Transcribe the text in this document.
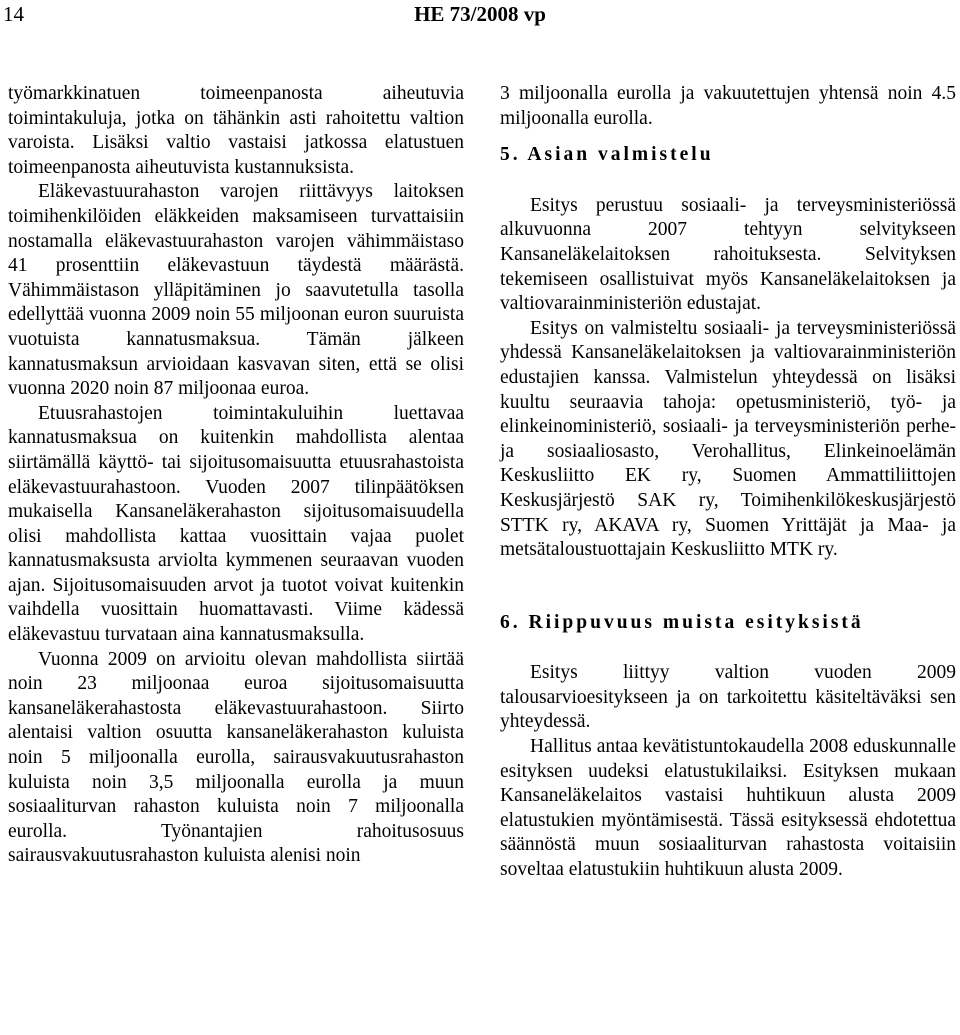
14	HE 73/2008 vp

työmarkkinatuen toimeenpanosta aiheutuvia toimintakuluja, jotka on tähänkin asti rahoitettu valtion varoista. Lisäksi valtio vastaisi jatkossa elatustuen toimeenpanosta aiheutuvista kustannuksista.

Eläkevastuurahaston varojen riittävyys laitoksen toimihenkilöiden eläkkeiden maksamiseen turvattaisiin nostamalla eläkevastuurahaston varojen vähimmäistaso 41 prosenttiin eläkevastuun täydestä määrästä. Vähimmäistason ylläpitäminen jo saavutetulla tasolla edellyttää vuonna 2009 noin 55 miljoonan euron suuruista vuotuista kannatusmaksua. Tämän jälkeen kannatusmaksun arvioidaan kasvavan siten, että se olisi vuonna 2020 noin 87 miljoonaa euroa.

Etuusrahastojen toimintakuluihin luettavaa kannatusmaksua on kuitenkin mahdollista alentaa siirtämällä käyttö- tai sijoitusomaisuutta etuusrahastoista eläkevastuurahastoon. Vuoden 2007 tilinpäätöksen mukaisella Kansaneläkerahaston sijoitusomaisuudella olisi mahdollista kattaa vuosittain vajaa puolet kannatusmaksusta arviolta kymmenen seuraavan vuoden ajan. Sijoitusomaisuuden arvot ja tuotot voivat kuitenkin vaihdella vuosittain huomattavasti. Viime kädessä eläkevastuu turvataan aina kannatusmaksulla.

Vuonna 2009 on arvioitu olevan mahdollista siirtää noin 23 miljoonaa euroa sijoitusomaisuutta kansaneläkerahastosta eläkevastuurahastoon. Siirto alentaisi valtion osuutta kansaneläkerahaston kuluista noin 5 miljoonalla eurolla, sairausvakuutusrahaston kuluista noin 3,5 miljoonalla eurolla ja muun sosiaaliturvan rahaston kuluista noin 7 miljoonalla eurolla. Työnantajien rahoitusosuus sairausvakuutusrahaston kuluista alenisi noin

3 miljoonalla eurolla ja vakuutettujen yhtensä noin 4.5 miljoonalla eurolla.

5. Asian valmistelu

Esitys perustuu sosiaali- ja terveysministeriössä alkuvuonna 2007 tehtyyn selvitykseen Kansaneläkelaitoksen rahoituksesta. Selvityksen tekemiseen osallistuivat myös Kansaneläkelaitoksen ja valtiovarainministeriön edustajat.

Esitys on valmisteltu sosiaali- ja terveysministeriössä yhdessä Kansaneläkelaitoksen ja valtiovarainministeriön edustajien kanssa. Valmistelun yhteydessä on lisäksi kuultu seuraavia tahoja: opetusministeriö, työ- ja elinkeinoministeriö, sosiaali- ja terveysministeriön perhe- ja sosiaaliosasto, Verohallitus, Elinkeinoelämän Keskusliitto EK ry, Suomen Ammattiliittojen Keskusjärjestö SAK ry, Toimihenkilökeskusjärjestö STTK ry, AKAVA ry, Suomen Yrittäjät ja Maa- ja metsätaloustuottajain Keskusliitto MTK ry.

6. Riippuvuus muista esityksistä

Esitys liittyy valtion vuoden 2009 talousarvioesitykseen ja on tarkoitettu käsiteltäväksi sen yhteydessä.

Hallitus antaa kevätistuntokaudella 2008 eduskunnalle esityksen uudeksi elatustukilaiksi. Esityksen mukaan Kansaneläkelaitos vastaisi huhtikuun alusta 2009 elatustukien myöntämisestä. Tässä esityksessä ehdotettua säännöstä muun sosiaaliturvan rahastosta voitaisiin soveltaa elatustukiin huhtikuun alusta 2009.
